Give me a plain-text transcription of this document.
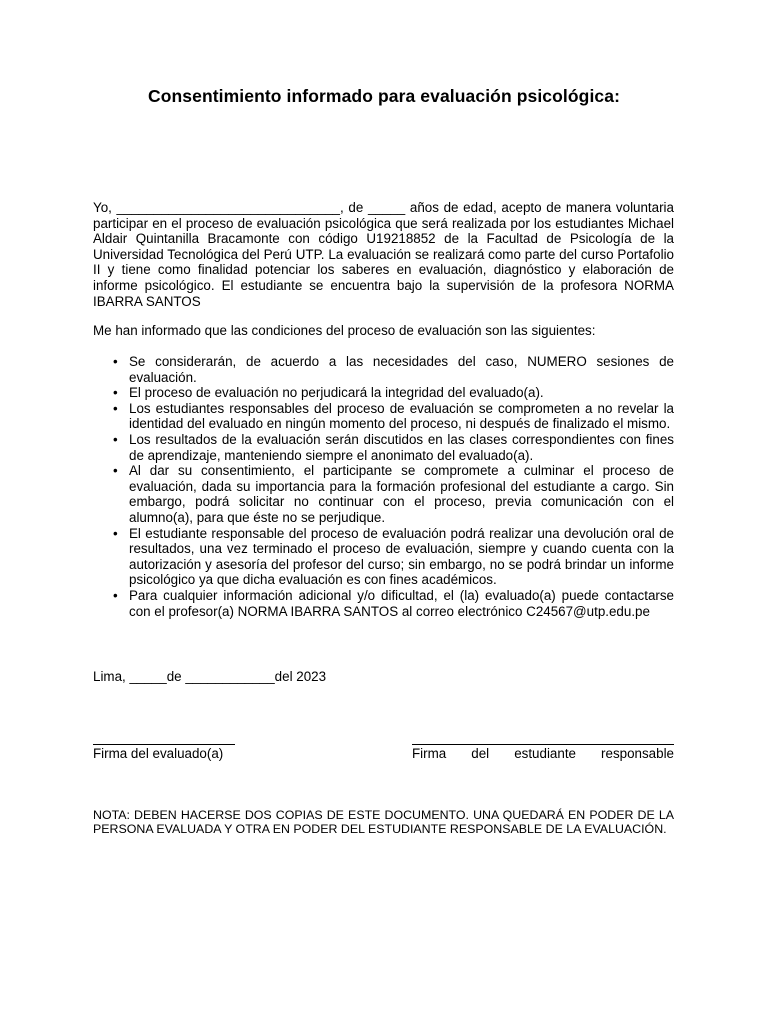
Consentimiento informado para evaluación psicológica:
Yo, ______________________________, de _____ años de edad, acepto de manera voluntaria participar en el proceso de evaluación psicológica que será realizada por los estudiantes Michael Aldair Quintanilla Bracamonte con código U19218852 de la Facultad de Psicología de la Universidad Tecnológica del Perú UTP. La evaluación se realizará como parte del curso Portafolio II y tiene como finalidad potenciar los saberes en evaluación, diagnóstico y elaboración de informe psicológico. El estudiante se encuentra bajo la supervisión de la profesora NORMA IBARRA SANTOS
Me han informado que las condiciones del proceso de evaluación son las siguientes:
• Se considerarán, de acuerdo a las necesidades del caso, NUMERO sesiones de evaluación.
• El proceso de evaluación no perjudicará la integridad del evaluado(a).
• Los estudiantes responsables del proceso de evaluación se comprometen a no revelar la identidad del evaluado en ningún momento del proceso, ni después de finalizado el mismo.
• Los resultados de la evaluación serán discutidos en las clases correspondientes con fines de aprendizaje, manteniendo siempre el anonimato del evaluado(a).
• Al dar su consentimiento, el participante se compromete a culminar el proceso de evaluación, dada su importancia para la formación profesional del estudiante a cargo. Sin embargo, podrá solicitar no continuar con el proceso, previa comunicación con el alumno(a), para que éste no se perjudique.
• El estudiante responsable del proceso de evaluación podrá realizar una devolución oral de resultados, una vez terminado el proceso de evaluación, siempre y cuando cuenta con la autorización y asesoría del profesor del curso; sin embargo, no se podrá brindar un informe psicológico ya que dicha evaluación es con fines académicos.
• Para cualquier información adicional y/o dificultad, el (la) evaluado(a) puede contactarse con el profesor(a) NORMA IBARRA SANTOS al correo electrónico C24567@utp.edu.pe
Lima, _____de ____________del 2023
Firma del evaluado(a)	Firma del estudiante responsable
NOTA: DEBEN HACERSE DOS COPIAS DE ESTE DOCUMENTO. UNA QUEDARÁ EN PODER DE LA PERSONA EVALUADA Y OTRA EN PODER DEL ESTUDIANTE RESPONSABLE DE LA EVALUACIÓN.
